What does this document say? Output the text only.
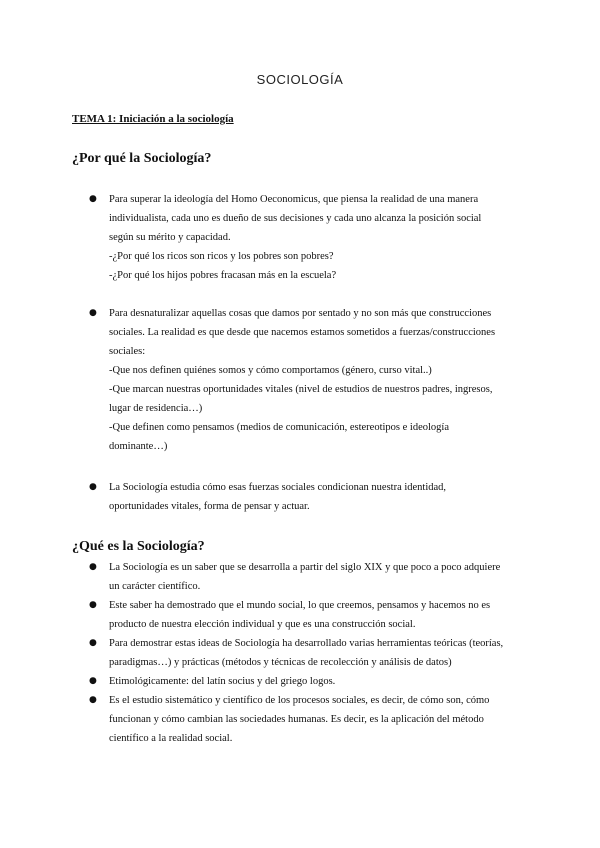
SOCIOLOGÍA
TEMA 1: Iniciación a la sociología
¿Por qué la Sociología?
● Para superar la ideología del Homo Oeconomicus, que piensa la realidad de una manera
individualista, cada uno es dueño de sus decisiones y cada uno alcanza la posición social
según su mérito y capacidad.
-¿Por qué los ricos son ricos y los pobres son pobres?
-¿Por qué los hijos pobres fracasan más en la escuela?
● Para desnaturalizar aquellas cosas que damos por sentado y no son más que construcciones
sociales. La realidad es que desde que nacemos estamos sometidos a fuerzas/construcciones
sociales:
-Que nos definen quiénes somos y cómo comportamos (género, curso vital..)
-Que marcan nuestras oportunidades vitales (nivel de estudios de nuestros padres, ingresos,
lugar de residencia…)
-Que definen como pensamos (medios de comunicación, estereotipos e ideología
dominante…)
● La Sociología estudia cómo esas fuerzas sociales condicionan nuestra identidad,
oportunidades vitales, forma de pensar y actuar.
¿Qué es la Sociología?
● La Sociología es un saber que se desarrolla a partir del siglo XIX y que poco a poco adquiere
un carácter científico.
● Este saber ha demostrado que el mundo social, lo que creemos, pensamos y hacemos no es
producto de nuestra elección individual y que es una construcción social.
● Para demostrar estas ideas de Sociología ha desarrollado varias herramientas teóricas (teorías,
paradigmas…) y prácticas (métodos y técnicas de recolección y análisis de datos)
● Etimológicamente: del latín socius y del griego logos.
● Es el estudio sistemático y científico de los procesos sociales, es decir, de cómo son, cómo
funcionan y cómo cambian las sociedades humanas. Es decir, es la aplicación del método
científico a la realidad social.
